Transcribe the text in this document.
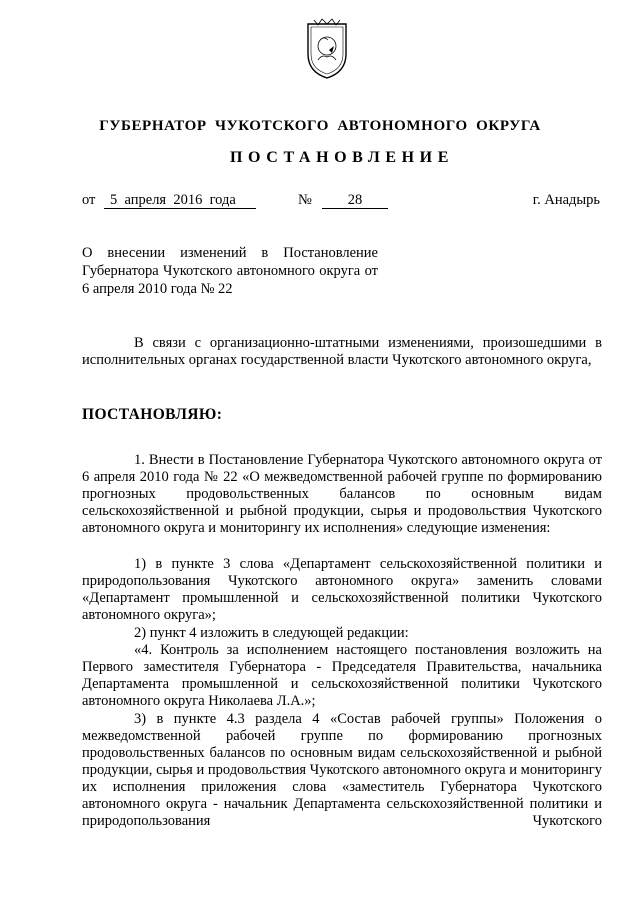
ГУБЕРНАТОР ЧУКОТСКОГО АВТОНОМНОГО ОКРУГА
ПОСТАНОВЛЕНИЕ
от	5  апреля  2016  года	№	28	г. Анадырь
О внесении изменений в Постановление Губернатора Чукотского автономного округа от 6 апреля 2010 года № 22

В связи с организационно-штатными изменениями, произошедшими в исполнительных органах государственной власти Чукотского автономного округа,

ПОСТАНОВЛЯЮ:

1. Внести в Постановление Губернатора Чукотского автономного округа от 6 апреля 2010 года № 22 «О межведомственной рабочей группе по формированию прогнозных продовольственных балансов по основным видам сельскохозяйственной и рыбной продукции, сырья и продовольствия Чукотского автономного округа и мониторингу их исполнения» следующие изменения:

1) в пункте 3 слова «Департамент сельскохозяйственной политики и природопользования Чукотского автономного округа» заменить словами «Департамент промышленной и сельскохозяйственной политики Чукотского автономного округа»;

2) пункт 4 изложить в следующей редакции:

«4. Контроль за исполнением настоящего постановления возложить на Первого заместителя Губернатора - Председателя Правительства, начальника Департамента промышленной и сельскохозяйственной политики Чукотского автономного округа Николаева Л.А.»;

3) в пункте 4.3 раздела 4 «Состав рабочей группы» Положения о межведомственной рабочей группе по формированию прогнозных продовольственных балансов по основным видам сельскохозяйственной и рыбной продукции, сырья и продовольствия Чукотского автономного округа и мониторингу их исполнения приложения слова «заместитель Губернатора Чукотского автономного округа - начальник Департамента сельскохозяйственной политики и природопользования Чукотского
